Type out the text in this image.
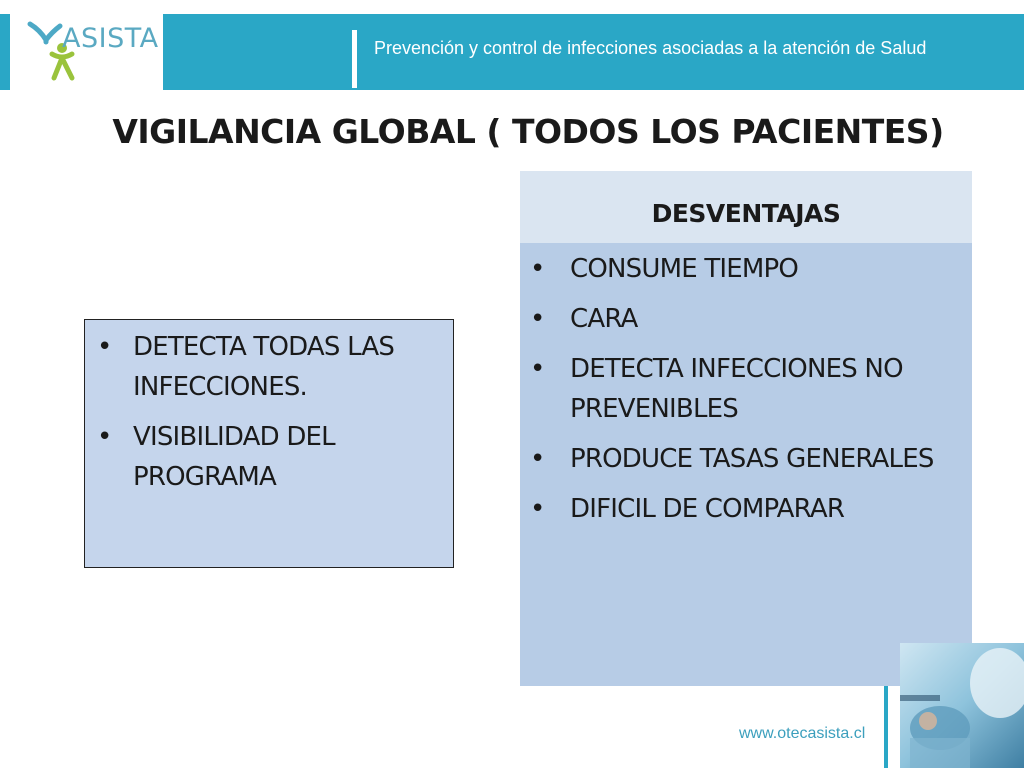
ASISTA	Prevención y control de infecciones asociadas a la atención de Salud
VIGILANCIA GLOBAL ( TODOS LOS PACIENTES)
• DETECTA TODAS LAS INFECCIONES.
• VISIBILIDAD DEL PROGRAMA
DESVENTAJAS
• CONSUME TIEMPO
• CARA
• DETECTA INFECCIONES NO PREVENIBLES
• PRODUCE TASAS GENERALES
• DIFICIL DE COMPARAR
www.otecasista.cl
